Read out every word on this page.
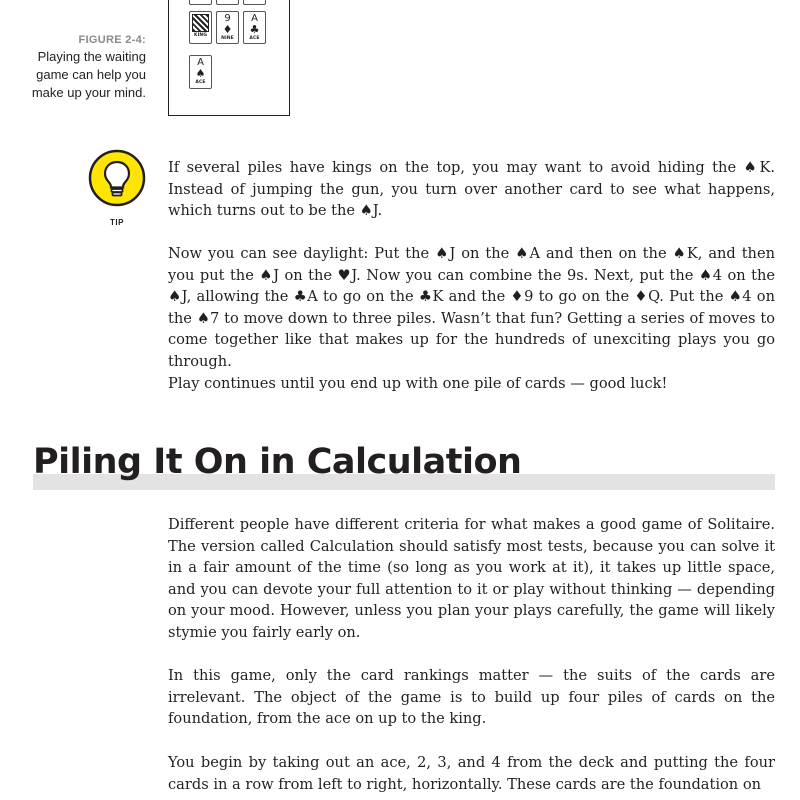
FIGURE 2-4:
Playing the waiting game can help you make up your mind.
KING
9
♦
NINE
A
♣
ACE
A
♠
ACE
TIP

If several piles have kings on the top, you may want to avoid hiding the ♠K. Instead of jumping the gun, you turn over another card to see what happens, which turns out to be the ♠J.

Now you can see daylight: Put the ♠J on the ♠A and then on the ♠K, and then you put the ♠J on the ♥J. Now you can combine the 9s. Next, put the ♠4 on the ♠J, allowing the ♣A to go on the ♣K and the ♦9 to go on the ♦Q. Put the ♠4 on the ♠7 to move down to three piles. Wasn’t that fun? Getting a series of moves to come together like that makes up for the hundreds of unexciting plays you go through.

Play continues until you end up with one pile of cards — good luck!

Piling It On in Calculation

Different people have different criteria for what makes a good game of Solitaire. The version called Calculation should satisfy most tests, because you can solve it in a fair amount of the time (so long as you work at it), it takes up little space, and you can devote your full attention to it or play without thinking — depending on your mood. However, unless you plan your plays carefully, the game will likely stymie you fairly early on.

In this game, only the card rankings matter — the suits of the cards are irrelevant. The object of the game is to build up four piles of cards on the foundation, from the ace on up to the king.

You begin by taking out an ace, 2, 3, and 4 from the deck and putting the four cards in a row from left to right, horizontally. These cards are the foundation on
